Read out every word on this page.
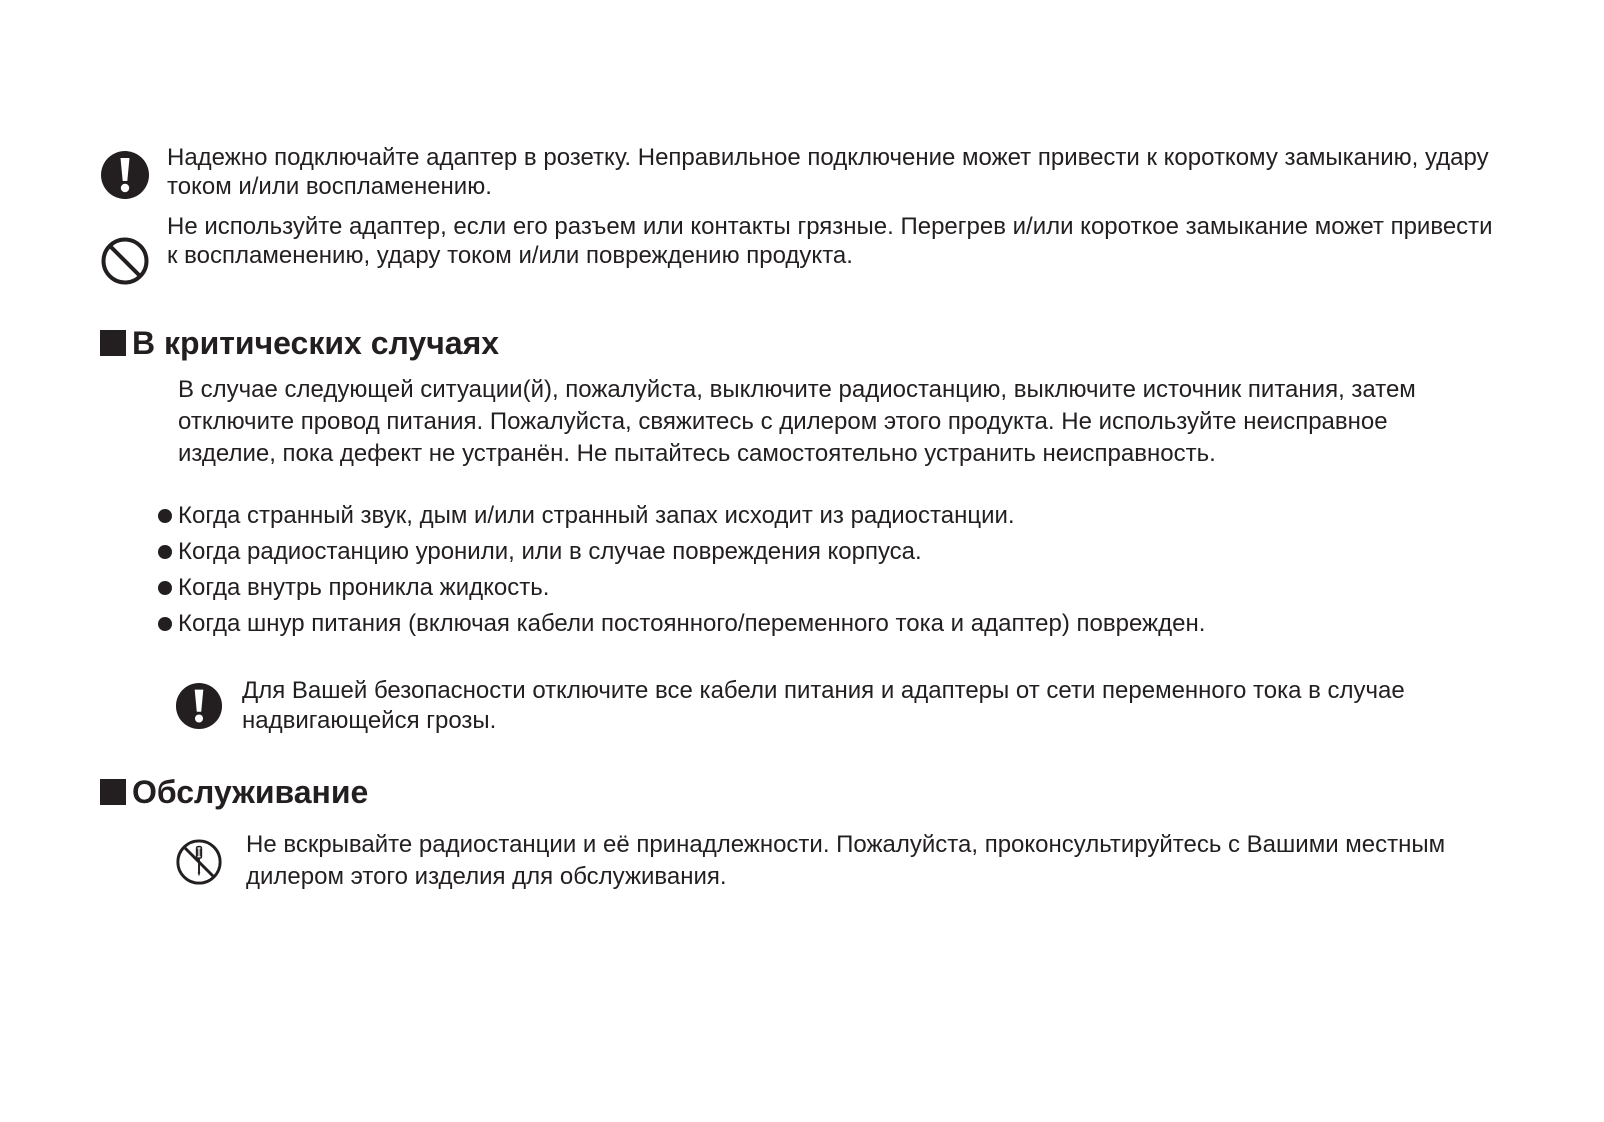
Надежно подключайте адаптер в розетку. Неправильное подключение может привести к короткому замыканию, удару током и/или воспламенению.

Не используйте адаптер, если его разъем или контакты грязные. Перегрев и/или короткое замыкание может привести к воспламенению, удару током и/или повреждению продукта.

В критических случаях

В случае следующей ситуации(й), пожалуйста, выключите радиостанцию, выключите источник питания, затем отключите провод питания. Пожалуйста, свяжитесь с дилером этого продукта. Не используйте неисправное изделие, пока дефект не устранён. Не пытайтесь самостоятельно устранить неисправность.

Когда странный звук, дым и/или странный запах исходит из радиостанции.
Когда радиостанцию уронили, или в случае повреждения корпуса.
Когда внутрь проникла жидкость.
Когда шнур питания (включая кабели постоянного/переменного тока и адаптер) поврежден.

Для Вашей безопасности отключите все кабели питания и адаптеры от сети переменного тока в случае надвигающейся грозы.

Обслуживание

Не вскрывайте радиостанции и её принадлежности. Пожалуйста, проконсультируйтесь с Вашими местным дилером этого изделия для обслуживания.
